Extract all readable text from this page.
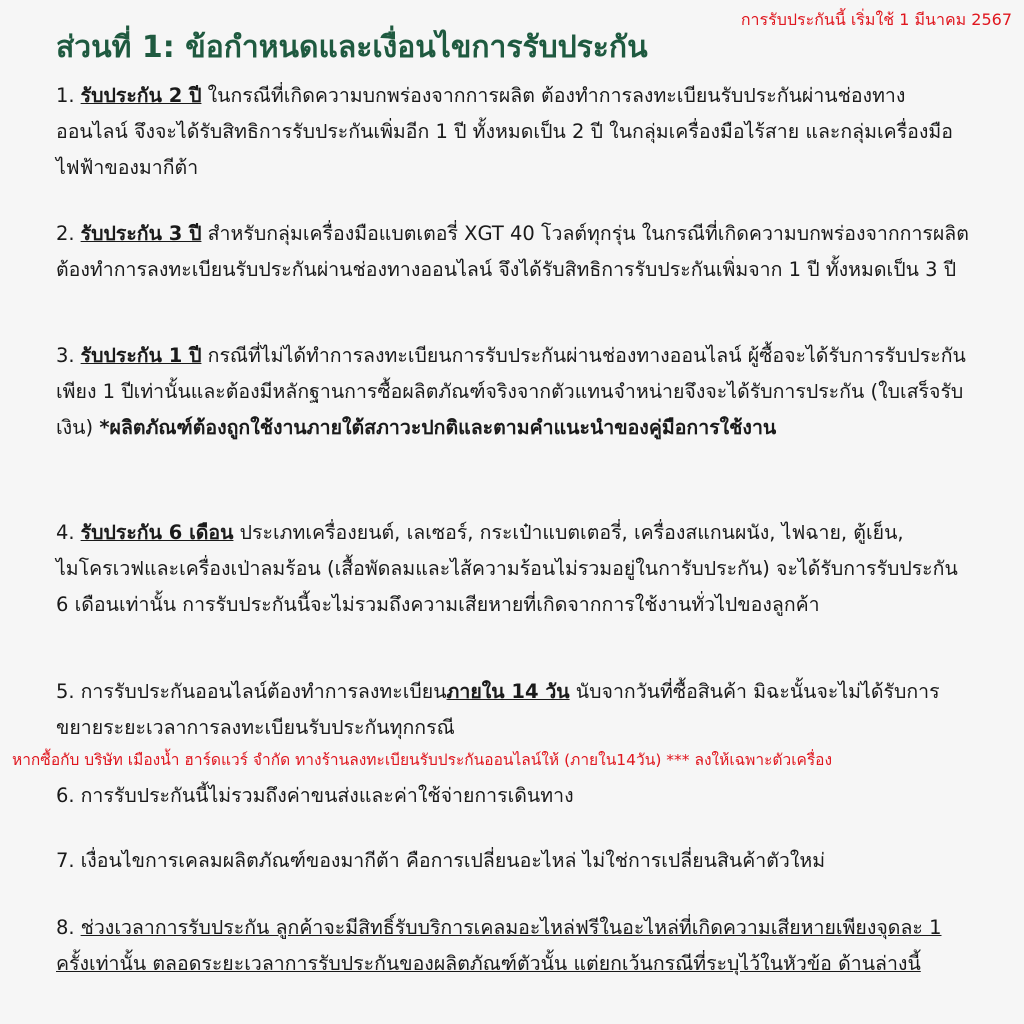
การรับประกันนี้ เริ่มใช้ 1 มีนาคม 2567
ส่วนที่ 1: ข้อกำหนดและเงื่อนไขการรับประกัน

1. รับประกัน 2 ปี ในกรณีที่เกิดความบกพร่องจากการผลิต ต้องทำการลงทะเบียนรับประกันผ่านช่องทางออนไลน์ จึงจะได้รับสิทธิการรับประกันเพิ่มอีก 1 ปี ทั้งหมดเป็น 2 ปี ในกลุ่มเครื่องมือไร้สาย และกลุ่มเครื่องมือไฟฟ้าของมากีต้า

2. รับประกัน 3 ปี สำหรับกลุ่มเครื่องมือแบตเตอรี่ XGT 40 โวลต์ทุกรุ่น ในกรณีที่เกิดความบกพร่องจากการผลิต ต้องทำการลงทะเบียนรับประกันผ่านช่องทางออนไลน์ จึงได้รับสิทธิการรับประกันเพิ่มจาก 1 ปี ทั้งหมดเป็น 3 ปี

3. รับประกัน 1 ปี กรณีที่ไม่ได้ทำการลงทะเบียนการรับประกันผ่านช่องทางออนไลน์ ผู้ซื้อจะได้รับการรับประกันเพียง 1 ปีเท่านั้นและต้องมีหลักฐานการซื้อผลิตภัณฑ์จริงจากตัวแทนจำหน่ายจึงจะได้รับการประกัน (ใบเสร็จรับเงิน) *ผลิตภัณฑ์ต้องถูกใช้งานภายใต้สภาวะปกติและตามคำแนะนำของคู่มือการใช้งาน

4. รับประกัน 6 เดือน ประเภทเครื่องยนต์, เลเซอร์, กระเป๋าแบตเตอรี่, เครื่องสแกนผนัง, ไฟฉาย, ตู้เย็น, ไมโครเวฟและเครื่องเป่าลมร้อน (เสื้อพัดลมและไส้ความร้อนไม่รวมอยู่ในการับประกัน) จะได้รับการรับประกัน 6 เดือนเท่านั้น การรับประกันนี้จะไม่รวมถึงความเสียหายที่เกิดจากการใช้งานทั่วไปของลูกค้า

5. การรับประกันออนไลน์ต้องทำการลงทะเบียนภายใน 14 วัน นับจากวันที่ซื้อสินค้า มิฉะนั้นจะไม่ได้รับการขยายระยะเวลาการลงทะเบียนรับประกันทุกกรณี

หากซื้อกับ บริษัท เมืองน้ำ ฮาร์ดแวร์ จำกัด ทางร้านลงทะเบียนรับประกันออนไลน์ให้ (ภายใน14วัน) *** ลงให้เฉพาะตัวเครื่อง

6. การรับประกันนี้ไม่รวมถึงค่าขนส่งและค่าใช้จ่ายการเดินทาง

7. เงื่อนไขการเคลมผลิตภัณฑ์ของมากีต้า คือการเปลี่ยนอะไหล่ ไม่ใช่การเปลี่ยนสินค้าตัวใหม่

8. ช่วงเวลาการรับประกัน ลูกค้าจะมีสิทธิ์รับบริการเคลมอะไหล่ฟรีในอะไหล่ที่เกิดความเสียหายเพียงจุดละ 1 ครั้งเท่านั้น ตลอดระยะเวลาการรับประกันของผลิตภัณฑ์ตัวนั้น แต่ยกเว้นกรณีที่ระบุไว้ในหัวข้อ ด้านล่างนี้
